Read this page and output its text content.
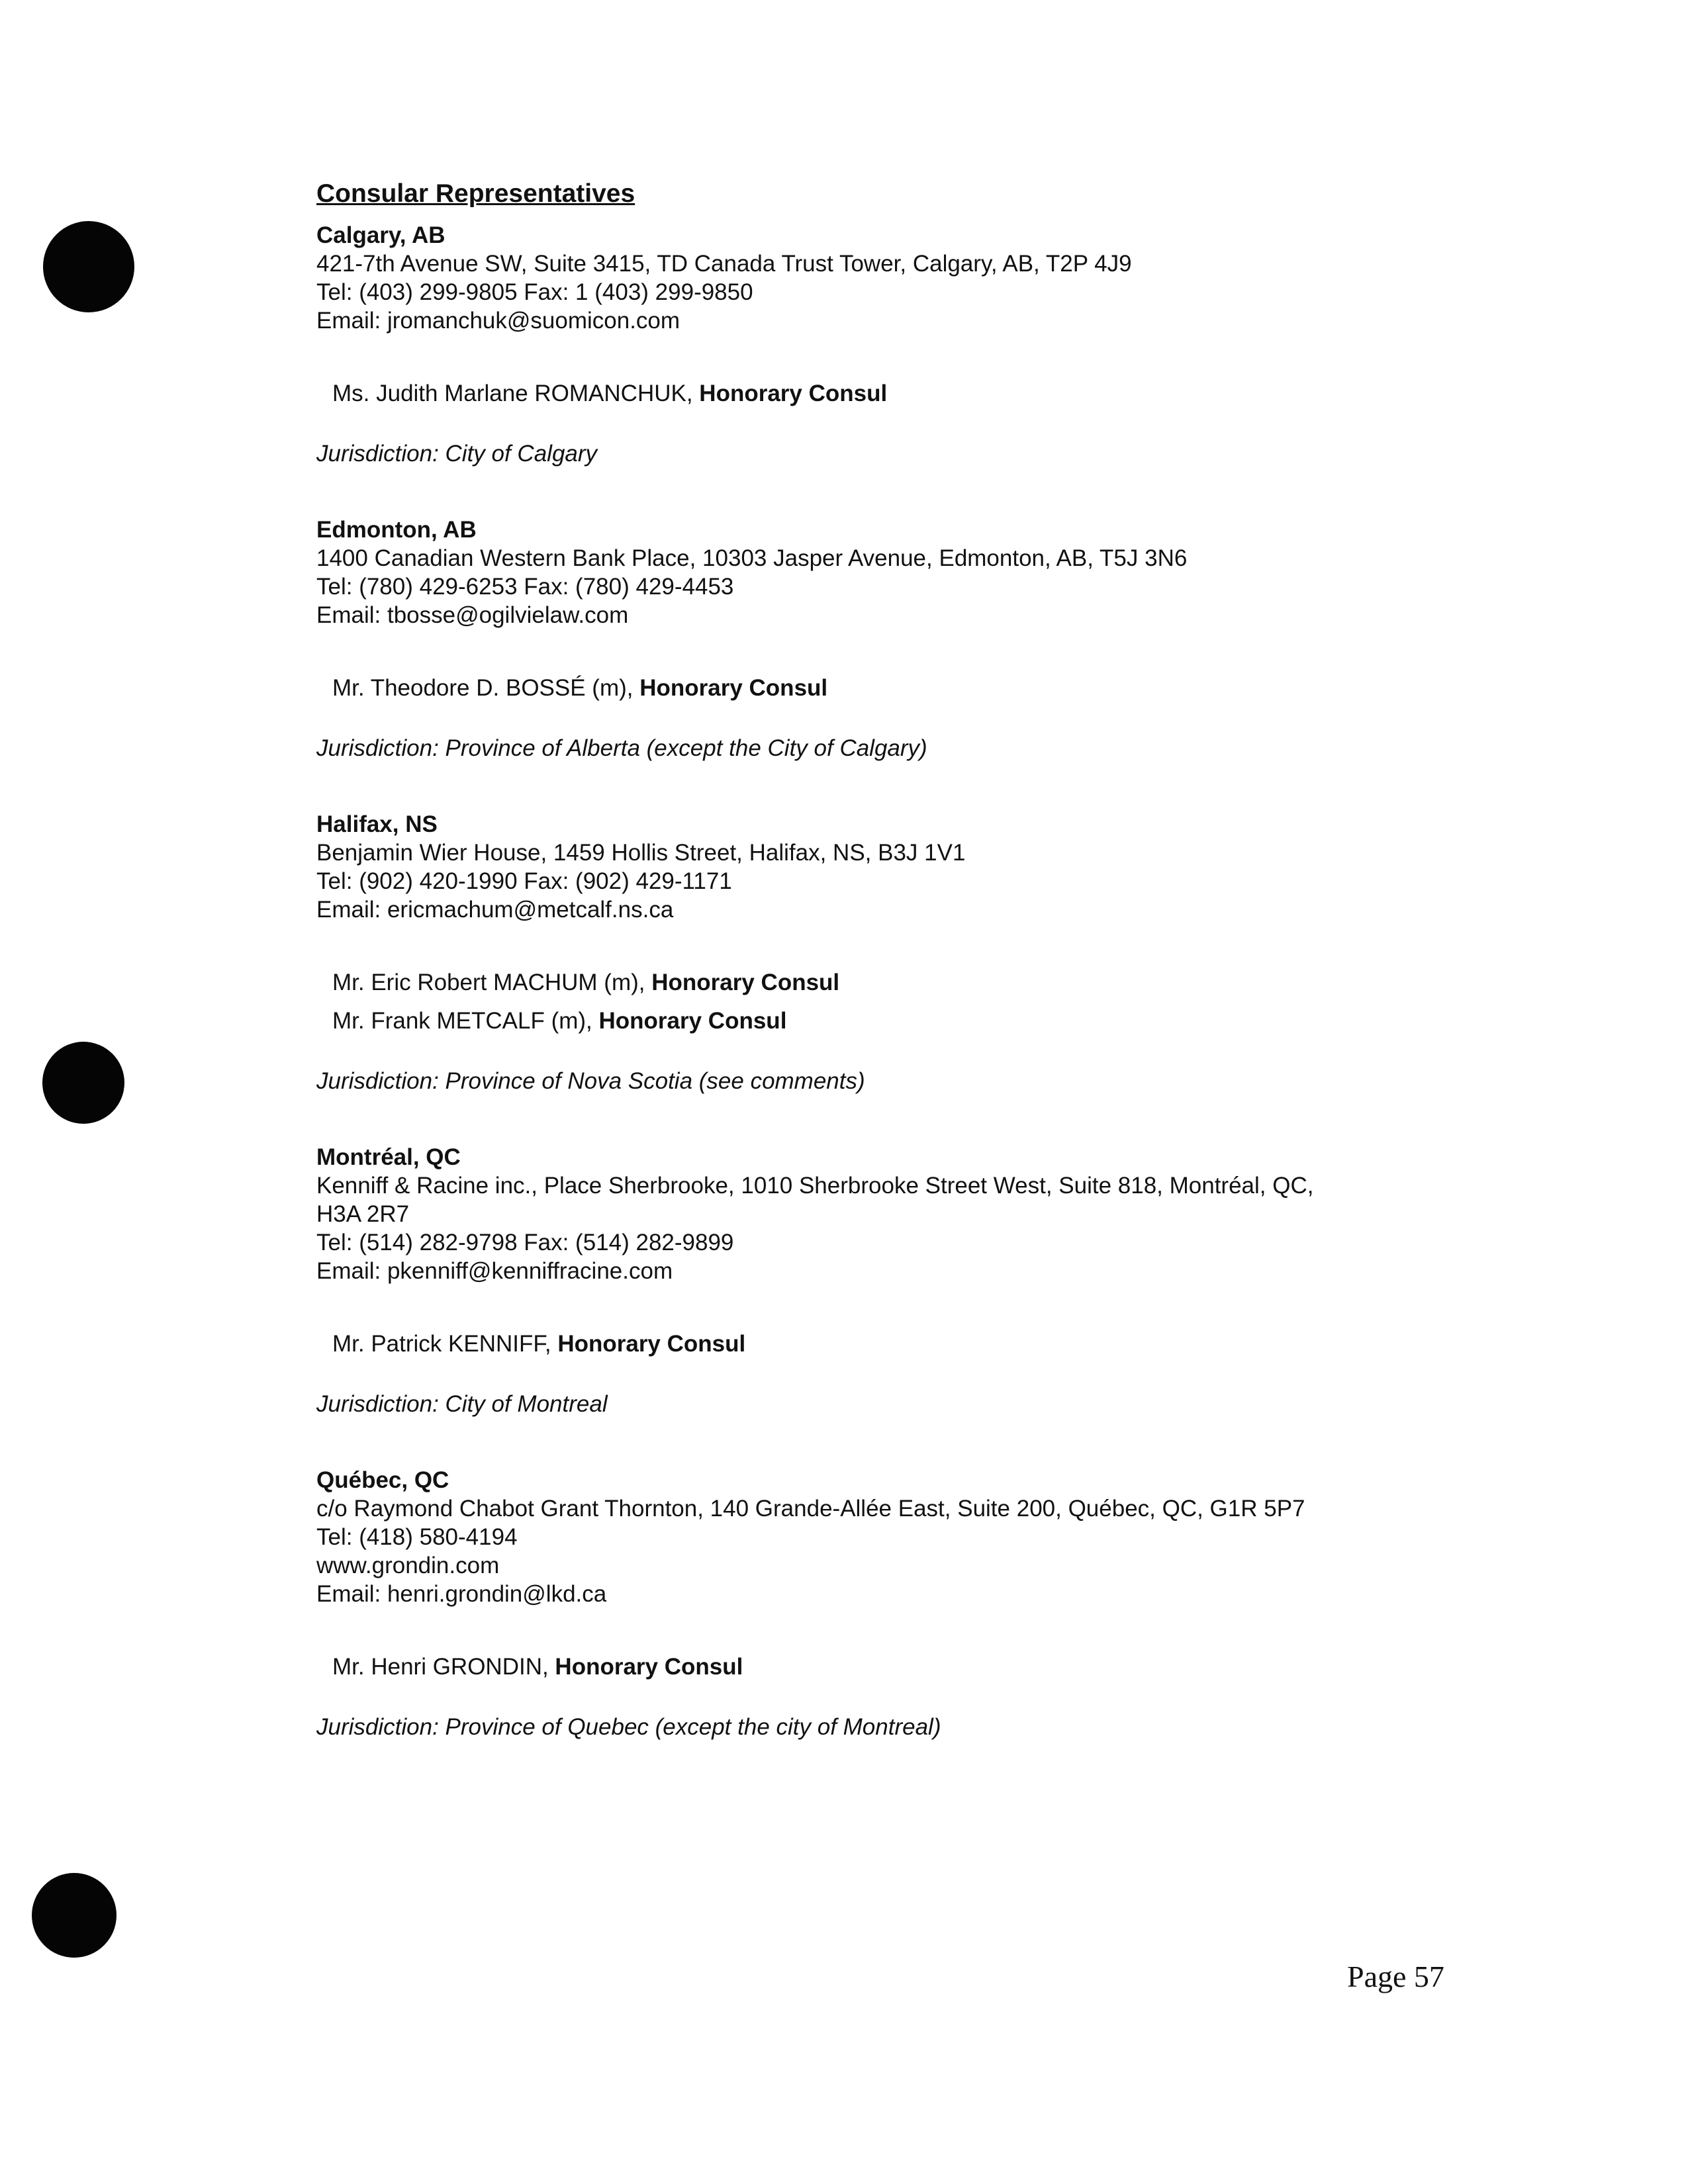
Consular Representatives
Calgary, AB
421-7th Avenue SW, Suite 3415, TD Canada Trust Tower, Calgary, AB, T2P 4J9
Tel: (403) 299-9805 Fax: 1 (403) 299-9850
Email: jromanchuk@suomicon.com
Ms. Judith Marlane ROMANCHUK, Honorary Consul
Jurisdiction: City of Calgary
Edmonton, AB
1400 Canadian Western Bank Place, 10303 Jasper Avenue, Edmonton, AB, T5J 3N6
Tel: (780) 429-6253 Fax: (780) 429-4453
Email: tbosse@ogilvielaw.com
Mr. Theodore D. BOSSÉ (m), Honorary Consul
Jurisdiction: Province of Alberta (except the City of Calgary)
Halifax, NS
Benjamin Wier House, 1459 Hollis Street, Halifax, NS, B3J 1V1
Tel: (902) 420-1990 Fax: (902) 429-1171
Email: ericmachum@metcalf.ns.ca
Mr. Eric Robert MACHUM (m), Honorary Consul
Mr. Frank METCALF (m), Honorary Consul
Jurisdiction: Province of Nova Scotia (see comments)
Montréal, QC
Kenniff & Racine inc., Place Sherbrooke, 1010 Sherbrooke Street West, Suite 818, Montréal, QC,
H3A 2R7
Tel: (514) 282-9798 Fax: (514) 282-9899
Email: pkenniff@kenniffracine.com
Mr. Patrick KENNIFF, Honorary Consul
Jurisdiction: City of Montreal
Québec, QC
c/o Raymond Chabot Grant Thornton, 140 Grande-Allée East, Suite 200, Québec, QC, G1R 5P7
Tel: (418) 580-4194
www.grondin.com
Email: henri.grondin@lkd.ca
Mr. Henri GRONDIN, Honorary Consul
Jurisdiction: Province of Quebec (except the city of Montreal)
Page 57
